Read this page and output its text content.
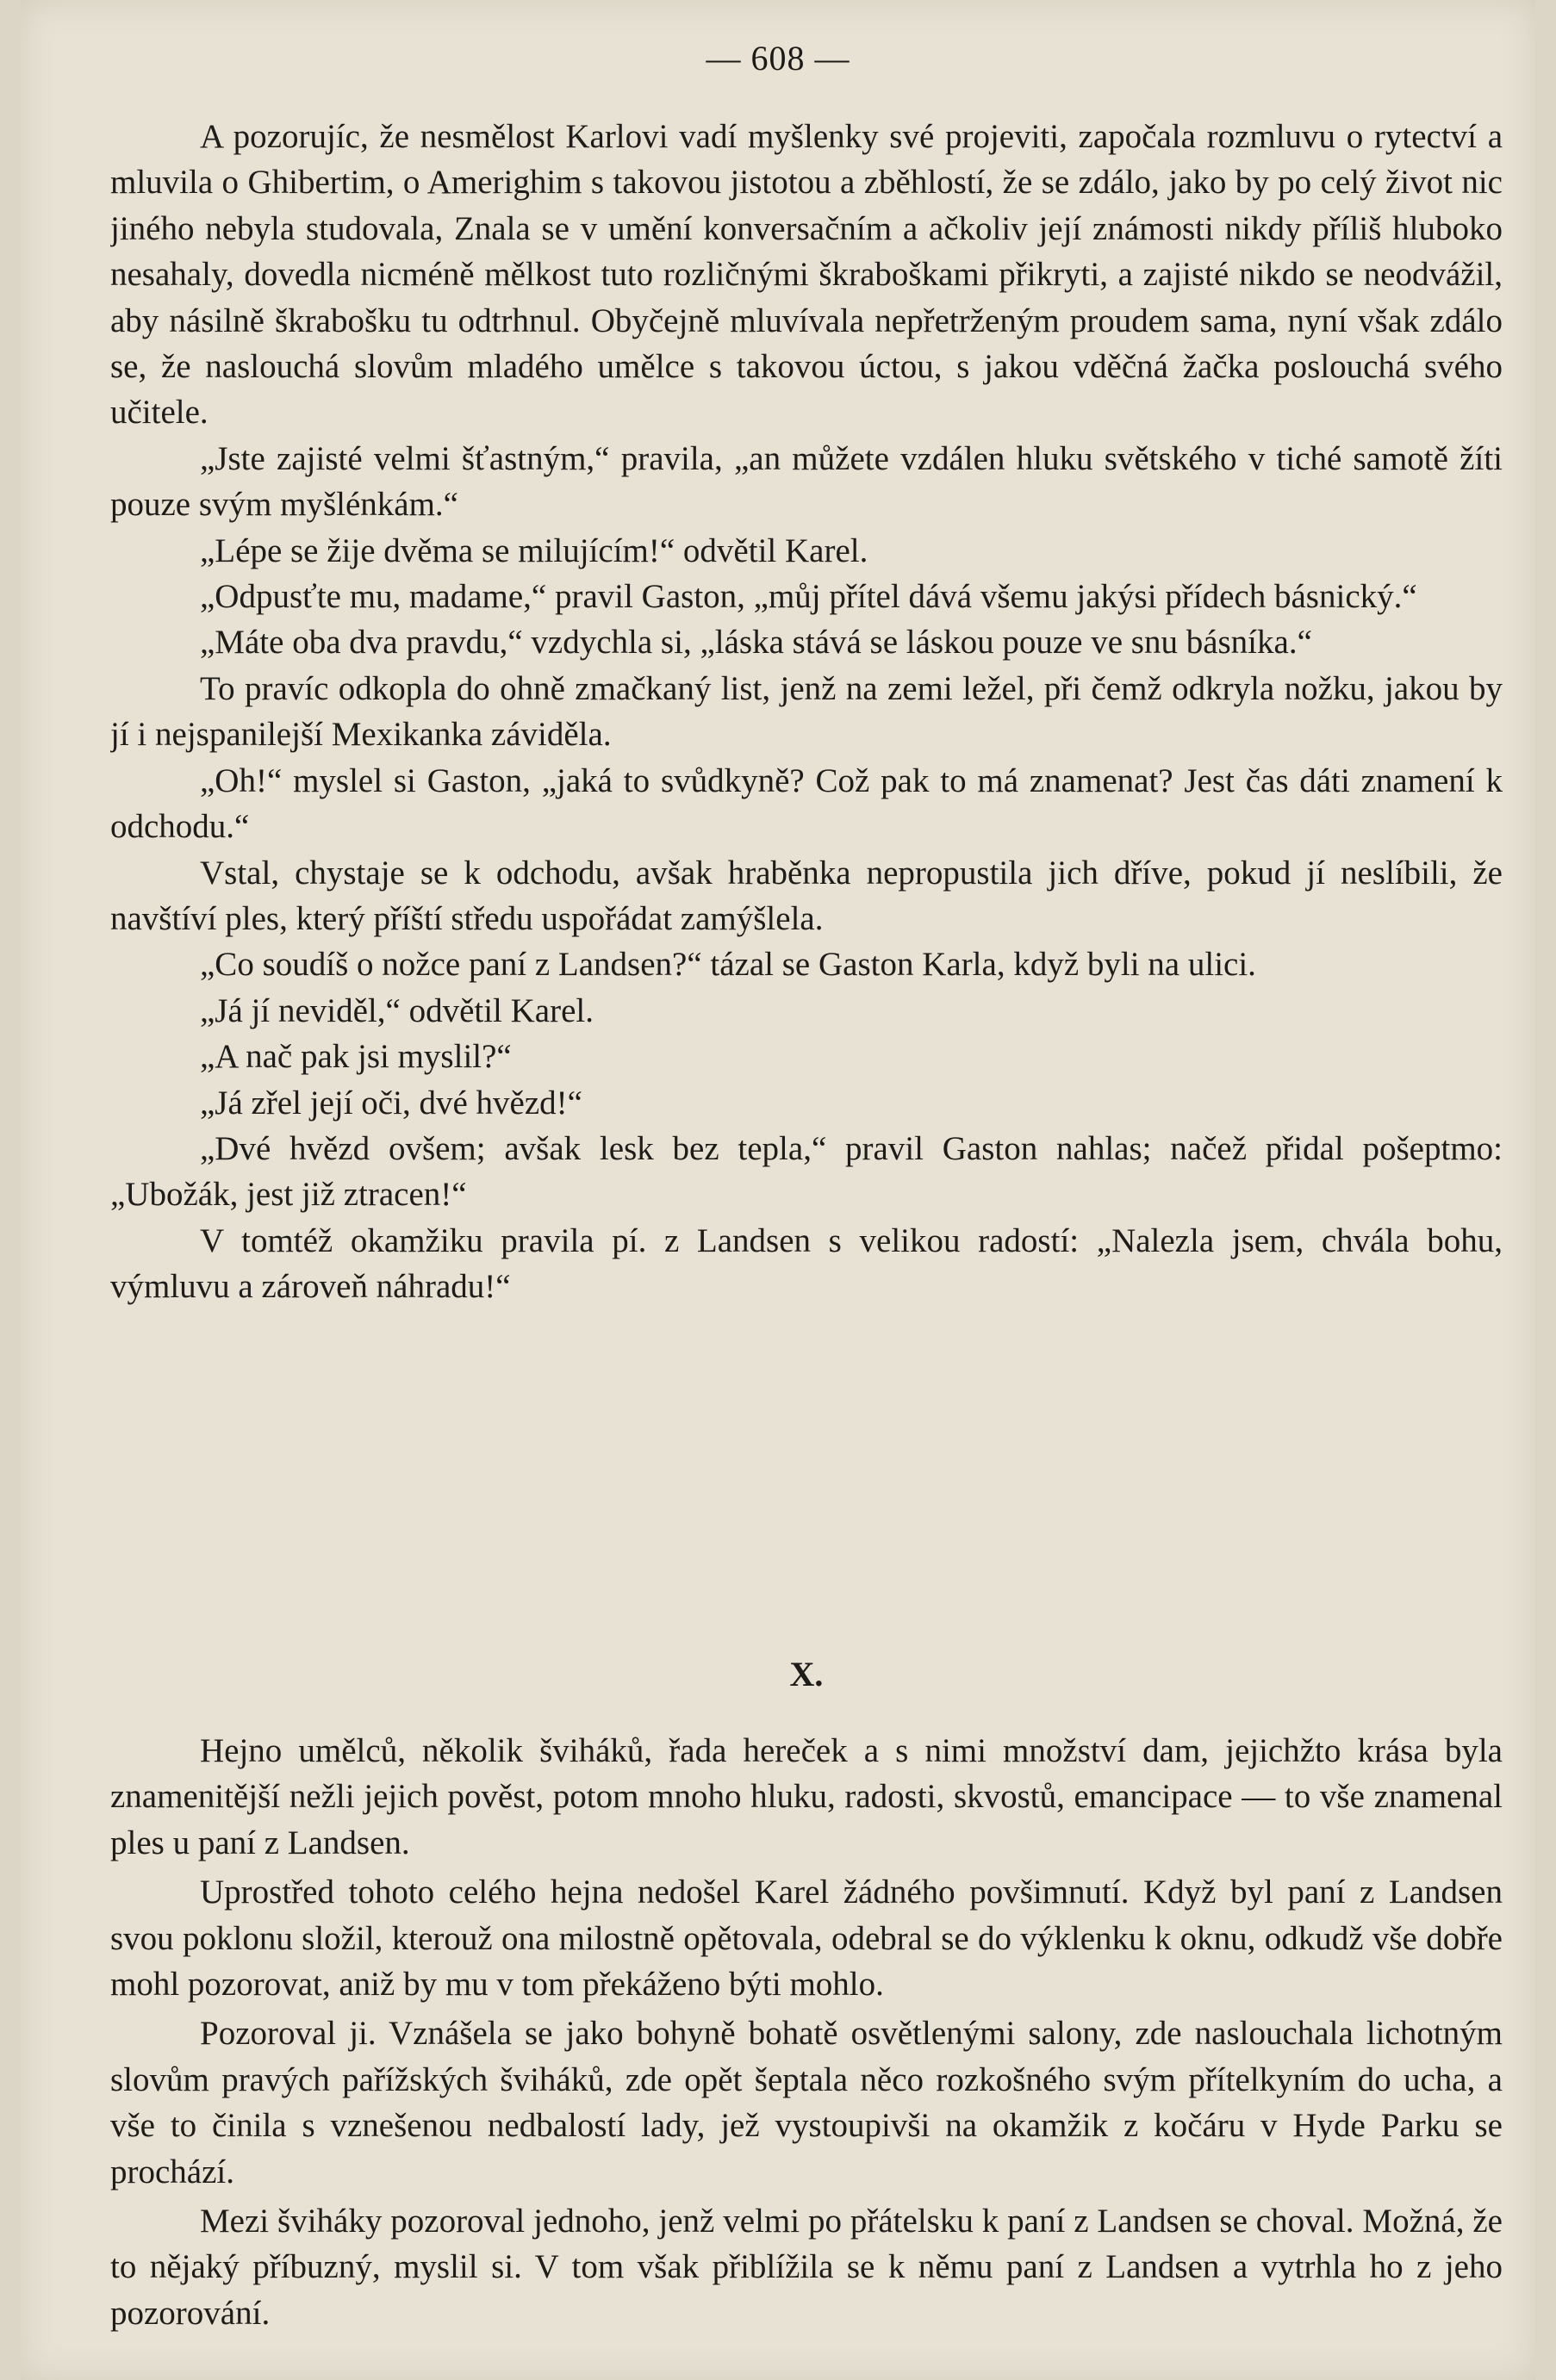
— 608 —

A pozorujíc, že nesmělost Karlovi vadí myšlenky své projeviti, započala rozmluvu o rytectví a mluvila o Ghibertim, o Amerighim s takovou jistotou a zběhlostí, že se zdálo, jako by po celý život nic jiného nebyla studovala, Znala se v umění konversačním a ačkoliv její známosti nikdy příliš hluboko nesahaly, dovedla nicméně mělkost tuto rozličnými škraboškami přikryti, a zajisté nikdo se neodvážil, aby násilně škrabošku tu odtrhnul. Obyčejně mluvívala nepřetrženým proudem sama, nyní však zdálo se, že naslouchá slovům mladého umělce s takovou úctou, s jakou vděčná žačka poslouchá svého učitele.

„Jste zajisté velmi šťastným,“ pravila, „an můžete vzdálen hluku světského v tiché samotě žíti pouze svým myšlénkám.“

„Lépe se žije dvěma se milujícím!“ odvětil Karel.

„Odpusťte mu, madame,“ pravil Gaston, „můj přítel dává všemu jakýsi přídech básnický.“

„Máte oba dva pravdu,“ vzdychla si, „láska stává se láskou pouze ve snu básníka.“

To pravíc odkopla do ohně zmačkaný list, jenž na zemi ležel, při čemž odkryla nožku, jakou by jí i nejspanilejší Mexikanka záviděla.

„Oh!“ myslel si Gaston, „jaká to svůdkyně? Což pak to má znamenat? Jest čas dáti znamení k odchodu.“

Vstal, chystaje se k odchodu, avšak hraběnka nepropustila jich dříve, pokud jí neslíbili, že navštíví ples, který příští středu uspořádat zamýšlela.

„Co soudíš o nožce paní z Landsen?“ tázal se Gaston Karla, když byli na ulici.

„Já jí neviděl,“ odvětil Karel.

„A nač pak jsi myslil?“

„Já zřel její oči, dvé hvězd!“

„Dvé hvězd ovšem; avšak lesk bez tepla,“ pravil Gaston nahlas; načež přidal pošeptmo: „Ubožák, jest již ztracen!“

V tomtéž okamžiku pravila pí. z Landsen s velikou radostí: „Nalezla jsem, chvála bohu, výmluvu a zároveň náhradu!“

X.

Hejno umělců, několik šviháků, řada hereček a s nimi množství dam, jejichžto krása byla znamenitější nežli jejich pověst, potom mnoho hluku, radosti, skvostů, emancipace — to vše znamenal ples u paní z Landsen.

Uprostřed tohoto celého hejna nedošel Karel žádného povšimnutí. Když byl paní z Landsen svou poklonu složil, kterouž ona milostně opětovala, odebral se do výklenku k oknu, odkudž vše dobře mohl pozorovat, aniž by mu v tom překáženo býti mohlo.

Pozoroval ji. Vznášela se jako bohyně bohatě osvětlenými salony, zde naslouchala lichotným slovům pravých pařížských šviháků, zde opět šeptala něco rozkošného svým přítelkyním do ucha, a vše to činila s vznešenou nedbalostí lady, jež vystoupivši na okamžik z kočáru v Hyde Parku se prochází.

Mezi šviháky pozoroval jednoho, jenž velmi po přátelsku k paní z Landsen se choval. Možná, že to nějaký příbuzný, myslil si. V tom však přiblížila se k němu paní z Landsen a vytrhla ho z jeho pozorování.
